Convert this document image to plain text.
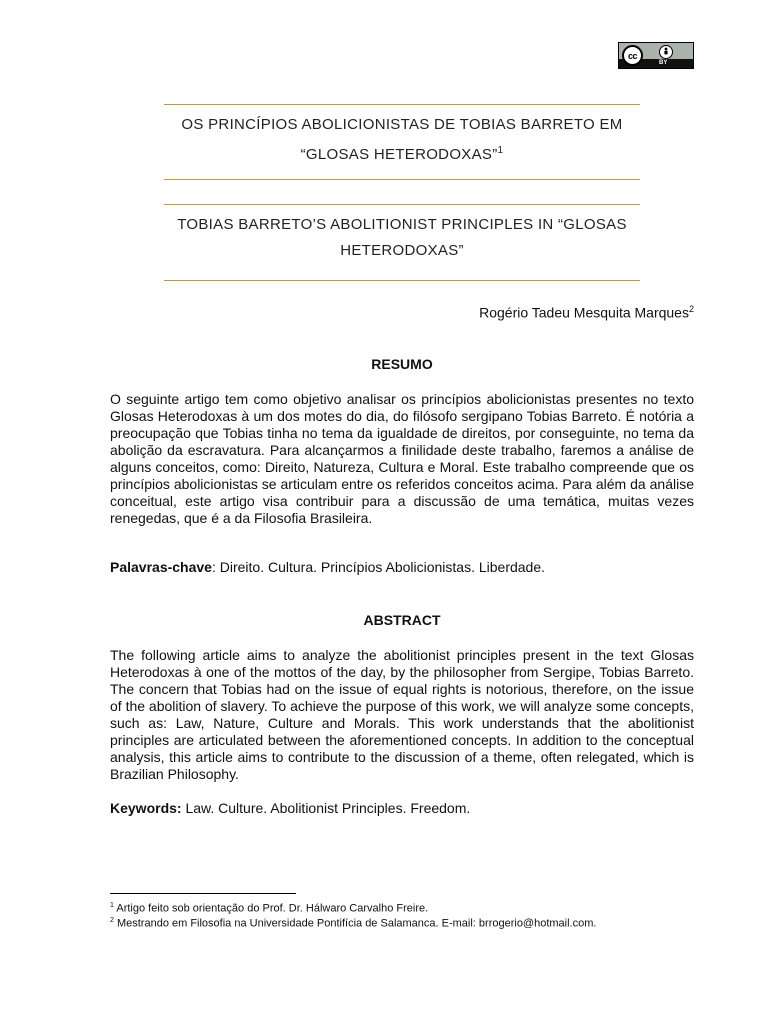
cc
BY
OS PRINCÍPIOS ABOLICIONISTAS DE TOBIAS BARRETO EM
“GLOSAS HETERODOXAS”$^1$
TOBIAS BARRETO’S ABOLITIONIST PRINCIPLES IN “GLOSAS
HETERODOXAS”
Rogério Tadeu Mesquita Marques$^2$
RESUMO
O seguinte artigo tem como objetivo analisar os princípios abolicionistas presentes no texto Glosas Heterodoxas à um dos motes do dia, do filósofo sergipano Tobias Barreto. É notória a preocupação que Tobias tinha no tema da igualdade de direitos, por conseguinte, no tema da abolição da escravatura. Para alcançarmos a finilidade deste trabalho, faremos a análise de alguns conceitos, como: Direito, Natureza, Cultura e Moral. Este trabalho compreende que os princípios abolicionistas se articulam entre os referidos conceitos acima. Para além da análise conceitual, este artigo visa contribuir para a discussão de uma temática, muitas vezes renegedas, que é a da Filosofia Brasileira.
Palavras-chave: Direito. Cultura. Princípios Abolicionistas. Liberdade.
ABSTRACT
The following article aims to analyze the abolitionist principles present in the text Glosas Heterodoxas à one of the mottos of the day, by the philosopher from Sergipe, Tobias Barreto. The concern that Tobias had on the issue of equal rights is notorious, therefore, on the issue of the abolition of slavery. To achieve the purpose of this work, we will analyze some concepts, such as: Law, Nature, Culture and Morals. This work understands that the abolitionist principles are articulated between the aforementioned concepts. In addition to the conceptual analysis, this article aims to contribute to the discussion of a theme, often relegated, which is Brazilian Philosophy.
Keywords: Law. Culture. Abolitionist Principles. Freedom.
$^1$ Artigo feito sob orientação do Prof. Dr. Hálwaro Carvalho Freire.
$^2$ Mestrando em Filosofia na Universidade Pontifícia de Salamanca. E-mail: brrogerio@hotmail.com.
